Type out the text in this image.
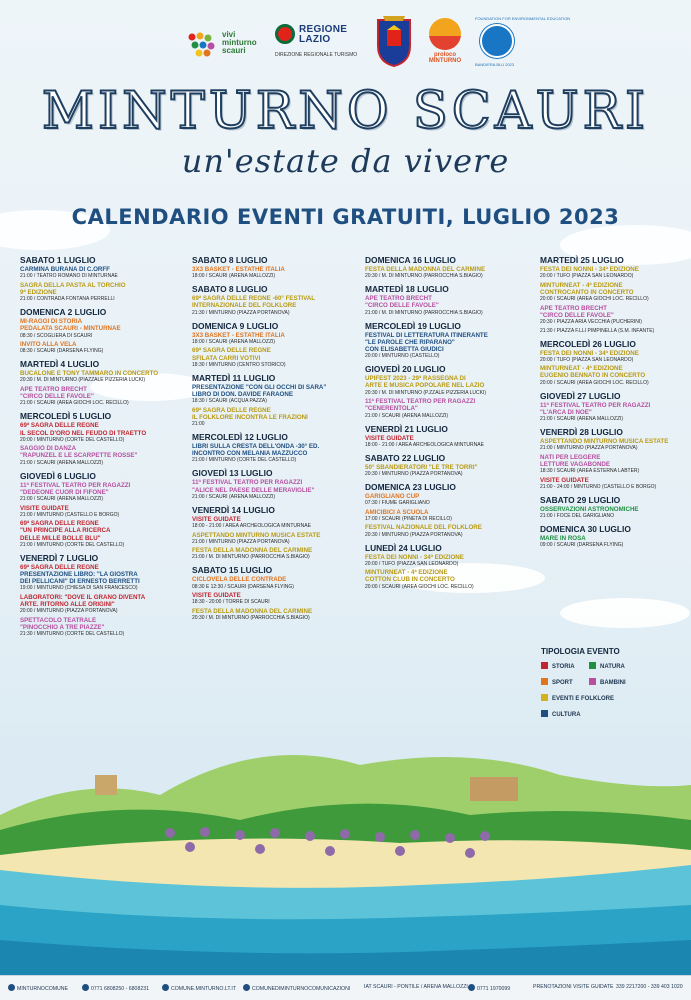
vivi
minturno
scauri
REGIONE
LAZIO
DIREZIONE REGIONALE TURISMO	proloco MINTURNO
FOUNDATION FOR ENVIRONMENTAL EDUCATION
BANDIERA BLU 2023
MINTURNO SCAURI
un'estate da vivere
CALENDARIO EVENTI GRATUITI, LUGLIO 2023
SABATO 1 LUGLIO
CARMINA BURANA DI C.ORFF
21:00 / TEATRO ROMANO DI MINTURNAE
SAGRA DELLA PASTA AL TORCHIO
9ª EDIZIONE
21:00 / CONTRADA FONTANA PERRELLI
DOMENICA 2 LUGLIO
MI-RAGGI DI STORIA
PEDALATA SCAURI - MINTURNAE
08:30 / SCOGLIERA DI SCAURI
INVITO ALLA VELA
08:30 / SCAURI (DARSENA FLYING)
MARTEDÌ 4 LUGLIO
BUCALONE E TONY TAMMARO IN CONCERTO
20:30 / M. DI MINTURNO (PIAZZALE PIZZERIA LUCKI)
APE TEATRO BRECHT
"CIRCO DELLE FAVOLE"
21:00 / SCAURI (AREA GIOCHI LOC. RECILLO)
MERCOLEDÌ 5 LUGLIO
69ª SAGRA DELLE REGNE
IL SECOL D'ORO NEL FEUDO DI TRAETTO
20:00 / MINTURNO (CORTE DEL CASTELLO)
SAGGIO DI DANZA
"RAPUNZEL E LE SCARPETTE ROSSE"
21:00 / SCAURI (ARENA MALLOZZI)
GIOVEDÌ 6 LUGLIO
11ª FESTIVAL TEATRO PER RAGAZZI
"DEDEONE CUOR DI FIFONE"
21:00 / SCAURI (ARENA MALLOZZI)
VISITE GUIDATE
21:00 / MINTURNO (CASTELLO E BORGO)
69ª SAGRA DELLE REGNE
"UN PRINCIPE ALLA RICERCA
DELLE MILLE BOLLE BLU"
21:00 / MINTURNO (CORTE DEL CASTELLO)
VENERDÌ 7 LUGLIO
69ª SAGRA DELLE REGNE
PRESENTAZIONE LIBRO: "LA GIOSTRA
DEI PELLICANI" DI ERNESTO BERRETTI
19:00 / MINTURNO (CHIESA DI SAN FRANCESCO)
LABORATORI: "DOVE IL GRANO DIVENTA
ARTE. RITORNO ALLE ORIGINI"
20:00 / MINTURNO (PIAZZA PORTANOVA)
SPETTACOLO TEATRALE
"PINOCCHIO A TRE PIAZZE"
21:30 / MINTURNO (CORTE DEL CASTELLO)
SABATO 8 LUGLIO
3X3 BASKET - ESTATHÉ ITALIA
18:00 / SCAURI (ARENA MALLOZZI)
SABATO 8 LUGLIO
69ª SAGRA DELLE REGNE -60° FESTIVAL
INTERNAZIONALE DEL FOLKLORE
21:30 / MINTURNO (PIAZZA PORTANOVA)
DOMENICA 9 LUGLIO
3X3 BASKET - ESTATHÉ ITALIA
18:00 / SCAURI (ARENA MALLOZZI)
69ª SAGRA DELLE REGNE
SFILATA CARRI VOTIVI
18:30 / MINTURNO (CENTRO STORICO)
MARTEDÌ 11 LUGLIO
PRESENTAZIONE "CON GLI OCCHI DI SARA"
LIBRO DI DON. DAVIDE FARAONE
18:30 / SCAURI (ACQUA PAZZA)
69ª SAGRA DELLE REGNE
IL FOLKLORE INCONTRA LE FRAZIONI
21:00
MERCOLEDÌ 12 LUGLIO
LIBRI SULLA CRESTA DELL'ONDA -30° ED.
INCONTRO CON MELANIA MAZZUCCO
21:00 / MINTURNO (CORTE DEL CASTELLO)
GIOVEDÌ 13 LUGLIO
11ª FESTIVAL TEATRO PER RAGAZZI
"ALICE NEL PAESE DELLE MERAVIGLIE"
21:00 / SCAURI (ARENA MALLOZZI)
VENERDÌ 14 LUGLIO
VISITE GUIDATE
18:00 - 21:00 / AREA ARCHEOLOGICA MINTURNAE
ASPETTANDO MINTURNO MUSICA ESTATE
21:00 / MINTURNO (PIAZZA PORTANOVA)
FESTA DELLA MADONNA DEL CARMINE
21:00 / M. DI MINTURNO (PARROCCHIA S.BIAGIO)
SABATO 15 LUGLIO
CICLOVELA DELLE CONTRADE
08:30 E 12:30 / SCAURI (DARSENA FLYING)
VISITE GUIDATE
18:30 - 20:00 / TORRE DI SCAURI
FESTA DELLA MADONNA DEL CARMINE
20:30 / M. DI MINTURNO (PARROCCHIA S.BIAGIO)
DOMENICA 16 LUGLIO
FESTA DELLA MADONNA DEL CARMINE
20:30 / M. DI MINTURNO (PARROCCHIA S.BIAGIO)
MARTEDÌ 18 LUGLIO
APE TEATRO BRECHT
"CIRCO DELLE FAVOLE"
21:00 / M. DI MINTURNO (PARROCCHIA S.BIAGIO)
MERCOLEDÌ 19 LUGLIO
FESTIVAL DI LETTERATURA ITINERANTE
"LE PAROLE CHE RIPARANO"
CON ELISABETTA GIUDICI
20:00 / MINTURNO (CASTELLO)
GIOVEDÌ 20 LUGLIO
UPIFEST 2023 - 29ª RASSEGNA DI
ARTE E MUSICA POPOLARE NEL LAZIO
20:30 / M. DI MINTURNO (P.ZZALE PIZZERIA LUCKI)
11ª FESTIVAL TEATRO PER RAGAZZI
"CENERENTOLA"
21:00 / SCAURI (ARENA MALLOZZI)
VENERDÌ 21 LUGLIO
VISITE GUIDATE
18:00 - 21:00 / AREA ARCHEOLOGICA MINTURNAE
SABATO 22 LUGLIO
50° SBANDIERATORI "LE TRE TORRI"
20:30 / MINTURNO (PIAZZA PORTANOVA)
DOMENICA 23 LUGLIO
GARIGLIANO CUP
07:30 / FIUME GARIGLIANO
AMICIBICI A SCUOLA
17:00 / SCAURI (PINETA DI RECILLO)
FESTIVAL NAZIONALE DEL FOLKLORE
20:30 / MINTURNO (PIAZZA PORTANOVA)
LUNEDÌ 24 LUGLIO
FESTA DEI NONNI - 34ª EDIZIONE
20:00 / TUFO (PIAZZA SAN LEONARDO)
MINTURNEAT - 4ª EDIZIONE
COTTON CLUB IN CONCERTO
20:00 / SCAURI (AREA GIOCHI LOC. RECILLO)
MARTEDÌ 25 LUGLIO
FESTA DEI NONNI - 34ª EDIZIONE
20:00 / TUFO (PIAZZA SAN LEONARDO)
MINTURNEAT - 4ª EDIZIONE
CONTROCANTO IN CONCERTO
20:00 / SCAURI (AREA GIOCHI LOC. RECILLO)
APE TEATRO BRECHT
"CIRCO DELLE FAVOLE"
20:30 / PIAZZA ARIA VECCHIA (PUCHERINI)
21:30 / PIAZZA F.LLI PIMPINELLA (S.M. INFANTE)
MERCOLEDÌ 26 LUGLIO
FESTA DEI NONNI - 34ª EDIZIONE
20:00 / TUFO (PIAZZA SAN LEONARDO)
MINTURNEAT - 4ª EDIZIONE
EUGENIO BENNATO IN CONCERTO
20:00 / SCAURI (AREA GIOCHI LOC. RECILLO)
GIOVEDÌ 27 LUGLIO
11ª FESTIVAL TEATRO PER RAGAZZI
"L'ARCA DI NOÈ"
21:00 / SCAURI (ARENA MALLOZZI)
VENERDÌ 28 LUGLIO
ASPETTANDO MINTURNO MUSICA ESTATE
21:00 / MINTURNO (PIAZZA PORTANOVA)
NATI PER LEGGERE
LETTURE VAGABONDE
18:30 / SCAURI (AREA ESTERNA LABTER)
VISITE GUIDATE
21:00 - 24:00 / MINTURNO (CASTELLO E BORGO)
SABATO 29 LUGLIO
OSSERVAZIONI ASTRONOMICHE
21:00 / FOCE DEL GARIGLIANO
DOMENICA 30 LUGLIO
MARE IN ROSA
09:00 / SCAURI (DARSENA FLYING)
TIPOLOGIA EVENTO
STORIA	NATURA
SPORT	BAMBINI
EVENTI E FOLKLORE
CULTURA
MINTURNOCOMUNE	0771 6808250 - 6808231	COMUNE.MINTURNO.LT.IT	COMUNEDIMINTURNOCOMUNICAZIONI	IAT SCAURI - PONTILE / ARENA MALLOZZI	0771 1970099	PRENOTAZIONI VISITE GUIDATE 339 2217200 - 339 403 1020
